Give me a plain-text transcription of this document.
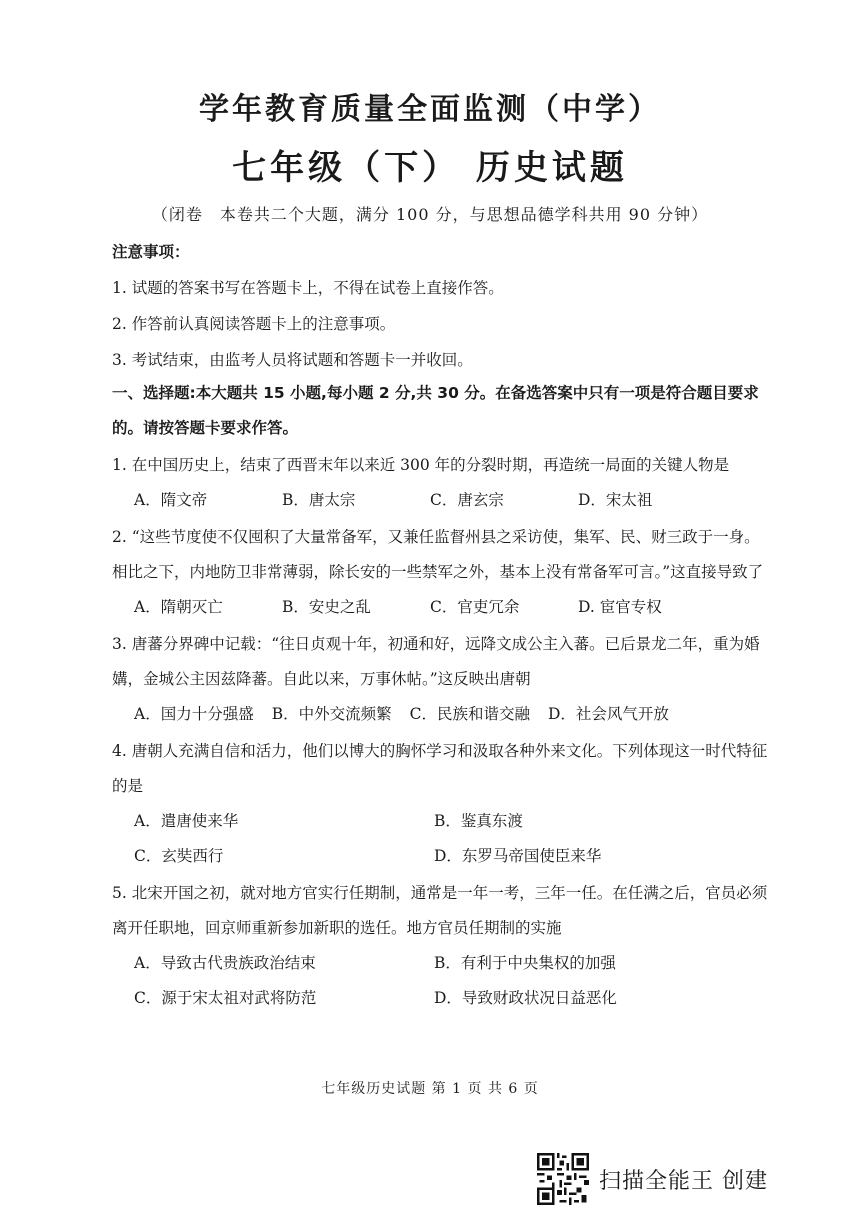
学年教育质量全面监测（中学）
七年级（下） 历史试题
（闭卷　本卷共二个大题，满分 100 分，与思想品德学科共用 90 分钟）
注意事项：
1. 试题的答案书写在答题卡上，不得在试卷上直接作答。
2. 作答前认真阅读答题卡上的注意事项。
3. 考试结束，由监考人员将试题和答题卡一并收回。
一、选择题:本大题共 15 小题,每小题 2 分,共 30 分。在备选答案中只有一项是符合题目要求的。请按答题卡要求作答。
1. 在中国历史上，结束了西晋末年以来近 300 年的分裂时期，再造统一局面的关键人物是
A．隋文帝	B．唐太宗	C．唐玄宗	D．宋太祖
2. “这些节度使不仅囤积了大量常备军，又兼任监督州县之采访使，集军、民、财三政于一身。相比之下，内地防卫非常薄弱，除长安的一些禁军之外，基本上没有常备军可言。”这直接导致了
A．隋朝灭亡	B．安史之乱	C．官吏冗余	D. 宦官专权
3. 唐蕃分界碑中记载：“往日贞观十年，初通和好，远降文成公主入蕃。已后景龙二年，重为婚媾，金城公主因兹降蕃。自此以来，万事休帖。”这反映出唐朝
A．国力十分强盛 B．中外交流频繁 C．民族和谐交融 D．社会风气开放
4. 唐朝人充满自信和活力，他们以博大的胸怀学习和汲取各种外来文化。下列体现这一时代特征的是
A．遣唐使来华	B．鉴真东渡
C．玄奘西行	D．东罗马帝国使臣来华
5. 北宋开国之初，就对地方官实行任期制，通常是一年一考，三年一任。在任满之后，官员必须离开任职地，回京师重新参加新职的选任。地方官员任期制的实施
A．导致古代贵族政治结束	B．有利于中央集权的加强
C．源于宋太祖对武将防范	D．导致财政状况日益恶化
七年级历史试题 第 1 页 共 6 页
扫描全能王 创建
